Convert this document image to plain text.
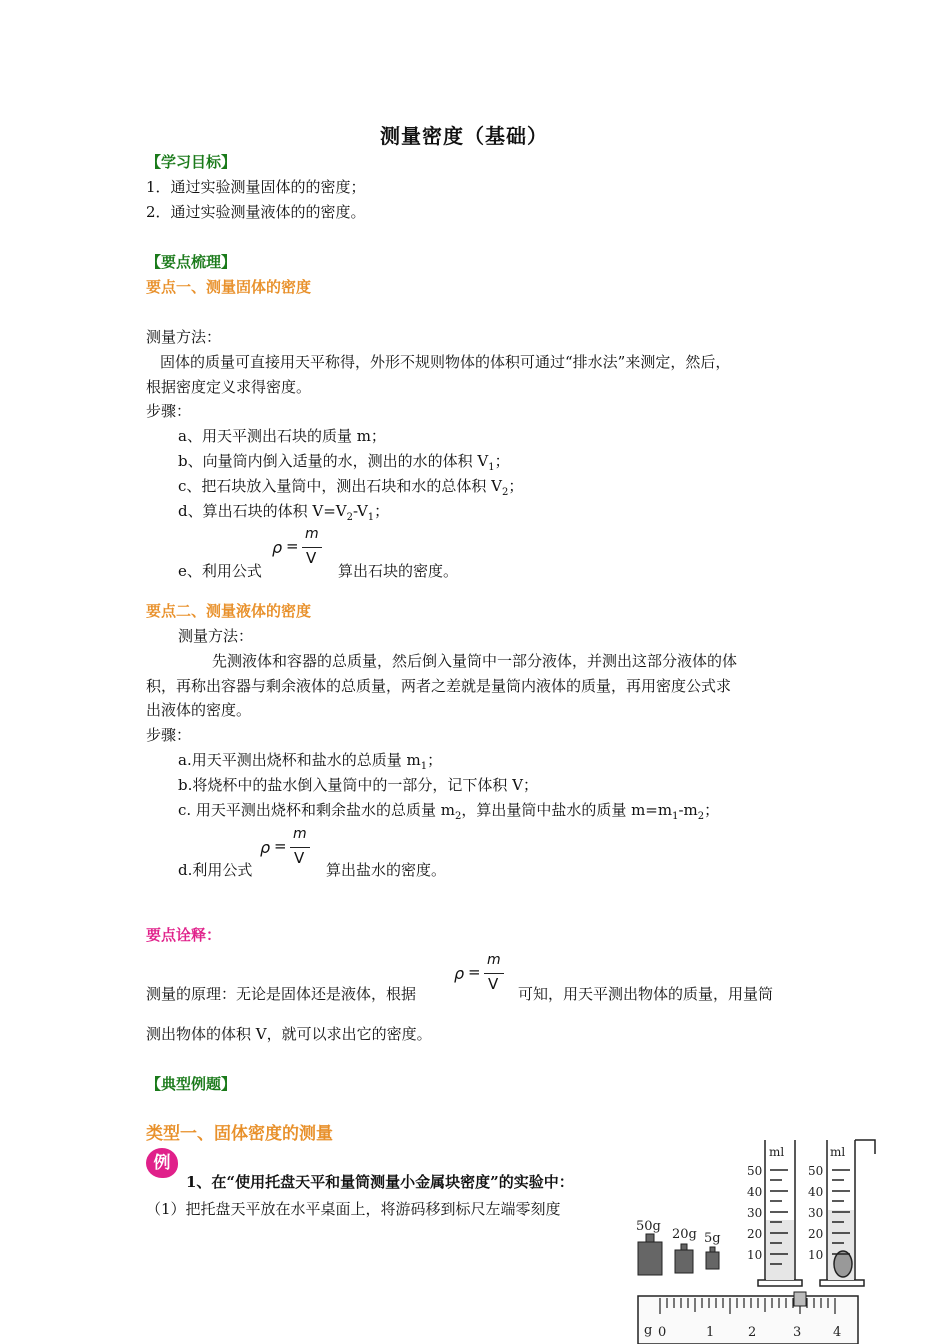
测量密度（基础）
【学习目标】
1．通过实验测量固体的的密度；
2．通过实验测量液体的的密度。
【要点梳理】
要点一、测量固体的密度
测量方法：
固体的质量可直接用天平称得，外形不规则物体的体积可通过“排水法”来测定，然后，
根据密度定义求得密度。
步骤：
a、用天平测出石块的质量 m；
b、向量筒内倒入适量的水，测出的水的体积 $V_1$；
c、把石块放入量筒中，测出石块和水的总体积 $V_2$；
d、算出石块的体积 $V=V_2-V_1$；
e、利用公式
ρ =
m
V
算出石块的密度。
要点二、测量液体的密度
测量方法：
先测液体和容器的总质量，然后倒入量筒中一部分液体，并测出这部分液体的体
积，再称出容器与剩余液体的总质量，两者之差就是量筒内液体的质量，再用密度公式求
出液体的密度。
步骤：
a.用天平测出烧杯和盐水的总质量 $m_1$；
b.将烧杯中的盐水倒入量筒中的一部分，记下体积 V；
c. 用天平测出烧杯和剩余盐水的总质量 $m_2$，算出量筒中盐水的质量 $m=m_1-m_2$；
d.利用公式
ρ =
m
V
算出盐水的密度。
要点诠释：
测量的原理：无论是固体还是液体，根据
ρ =
m
V
可知，用天平测出物体的质量，用量筒
测出物体的体积 V，就可以求出它的密度。
【典型例题】
类型一、固体密度的测量
例
1、在“使用托盘天平和量筒测量小金属块密度”的实验中：
（1）把托盘天平放在水平桌面上，将游码移到标尺左端零刻度
50g
20g 5g
ml
50
40
30
20
10
ml
50
40
30
20
10
g 0	1	2	3 4
